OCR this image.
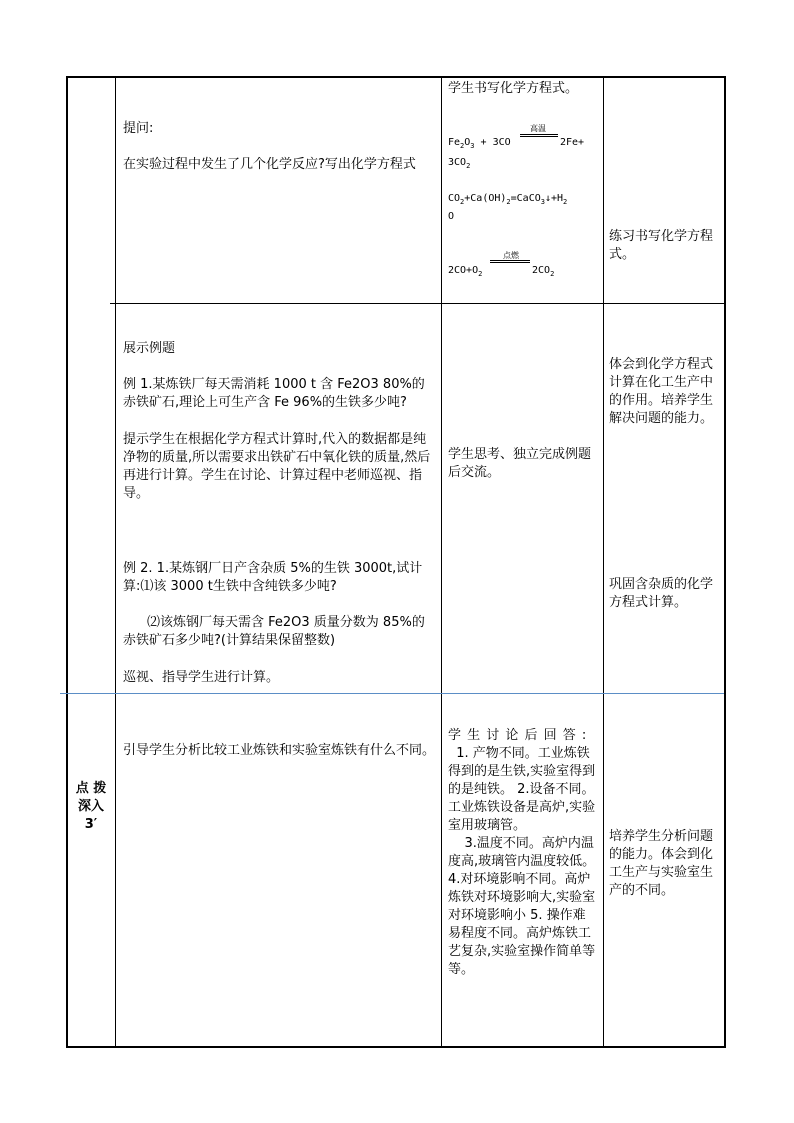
提问:
在实验过程中发生了几个化学反应?写出化学方程式
学生书写化学方程式。
$Fe_2O_3 + 3CO$
高温
2Fe+
$3CO_2$
$CO_2+Ca(OH)_2=CaCO_3↓+H_2$
O
$2CO+O_2$
点燃
$2CO_2$
练习书写化学方程式。
展示例题
例 1.某炼铁厂每天需消耗 1000 t 含 Fe2O3 80%的赤铁矿石,理论上可生产含 Fe 96%的生铁多少吨?
提示学生在根据化学方程式计算时,代入的数据都是纯净物的质量,所以需要求出铁矿石中氧化铁的质量,然后再进行计算。学生在讨论、计算过程中老师巡视、指导。
例 2. 1.某炼钢厂日产含杂质 5%的生铁 3000t,试计算:⑴该 3000 t生铁中含纯铁多少吨?
⑵该炼钢厂每天需含 Fe2O3 质量分数为 85%的赤铁矿石多少吨?(计算结果保留整数)
巡视、指导学生进行计算。
学生思考、独立完成例题后交流。
体会到化学方程式计算在化工生产中的作用。培养学生解决问题的能力。
巩固含杂质的化学方程式计算。

点 拨

深入

3′

引导学生分析比较工业炼铁和实验室炼铁有什么不同。

学 生 讨 论 后 回 答 :

1. 产物不同。工业炼铁得到的是生铁,实验室得到的是纯铁。 2.设备不同。工业炼铁设备是高炉,实验室用玻璃管。

3.温度不同。高炉内温度高,玻璃管内温度较低。4.对环境影响不同。高炉炼铁对环境影响大,实验室对环境影响小 5. 操作难易程度不同。高炉炼铁工艺复杂,实验室操作简单等等。

培养学生分析问题的能力。体会到化工生产与实验室生产的不同。
